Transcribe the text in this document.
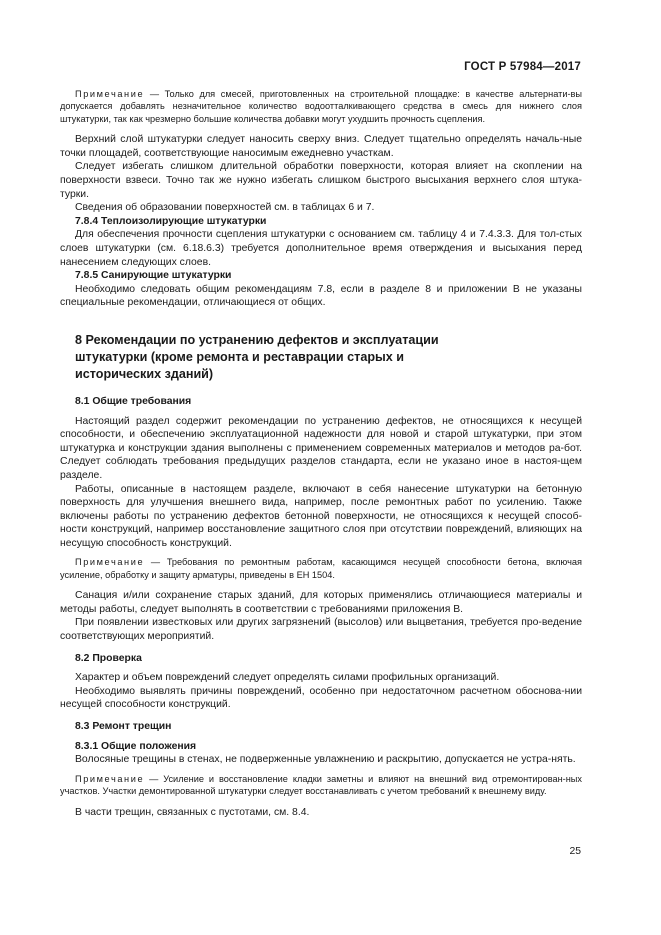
ГОСТ Р 57984—2017

Примечание — Только для смесей, приготовленных на строительной площадке: в качестве альтернати-вы допускается добавлять незначительное количество водоотталкивающего средства в смесь для нижнего слоя штукатурки, так как чрезмерно большие количества добавки могут ухудшить прочность сцепления.

Верхний слой штукатурки следует наносить сверху вниз. Следует тщательно определять началь-ные точки площадей, соответствующие наносимым ежедневно участкам.

Следует избегать слишком длительной обработки поверхности, которая влияет на скоплении на поверхности взвеси. Точно так же нужно избегать слишком быстрого высыхания верхнего слоя штука-турки.

Сведения об образовании поверхностей см. в таблицах 6 и 7.

7.8.4 Теплоизолирующие штукатурки

Для обеспечения прочности сцепления штукатурки с основанием см. таблицу 4 и 7.4.3.3. Для тол-стых слоев штукатурки (см. 6.18.6.3) требуется дополнительное время отверждения и высыхания перед нанесением следующих слоев.

7.8.5 Санирующие штукатурки

Необходимо следовать общим рекомендациям 7.8, если в разделе 8 и приложении В не указаны специальные рекомендации, отличающиеся от общих.

8 Рекомендации по устранению дефектов и эксплуатации штукатурки (кроме ремонта и реставрации старых и исторических зданий)
8.1 Общие требования

Настоящий раздел содержит рекомендации по устранению дефектов, не относящихся к несущей способности, и обеспечению эксплуатационной надежности для новой и старой штукатурки, при этом штукатурка и конструкции здания выполнены с применением современных материалов и методов ра-бот. Следует соблюдать требования предыдущих разделов стандарта, если не указано иное в настоя-щем разделе.

Работы, описанные в настоящем разделе, включают в себя нанесение штукатурки на бетонную поверхность для улучшения внешнего вида, например, после ремонтных работ по усилению. Также включены работы по устранению дефектов бетонной поверхности, не относящихся к несущей способ-ности конструкций, например восстановление защитного слоя при отсутствии повреждений, влияющих на несущую способность конструкций.

Примечание — Требования по ремонтным работам, касающимся несущей способности бетона, включая усиление, обработку и защиту арматуры, приведены в ЕН 1504.

Санация и/или сохранение старых зданий, для которых применялись отличающиеся материалы и методы работы, следует выполнять в соответствии с требованиями приложения В.

При появлении известковых или других загрязнений (высолов) или выцветания, требуется про-ведение соответствующих мероприятий.

8.2 Проверка

Характер и объем повреждений следует определять силами профильных организаций.

Необходимо выявлять причины повреждений, особенно при недостаточном расчетном обоснова-нии несущей способности конструкций.

8.3 Ремонт трещин
8.3.1 Общие положения

Волосяные трещины в стенах, не подверженные увлажнению и раскрытию, допускается не устра-нять.

Примечание — Усиление и восстановление кладки заметны и влияют на внешний вид отремонтирован-ных участков. Участки демонтированной штукатурки следует восстанавливать с учетом требований к внешнему виду.

В части трещин, связанных с пустотами, см. 8.4.

25
